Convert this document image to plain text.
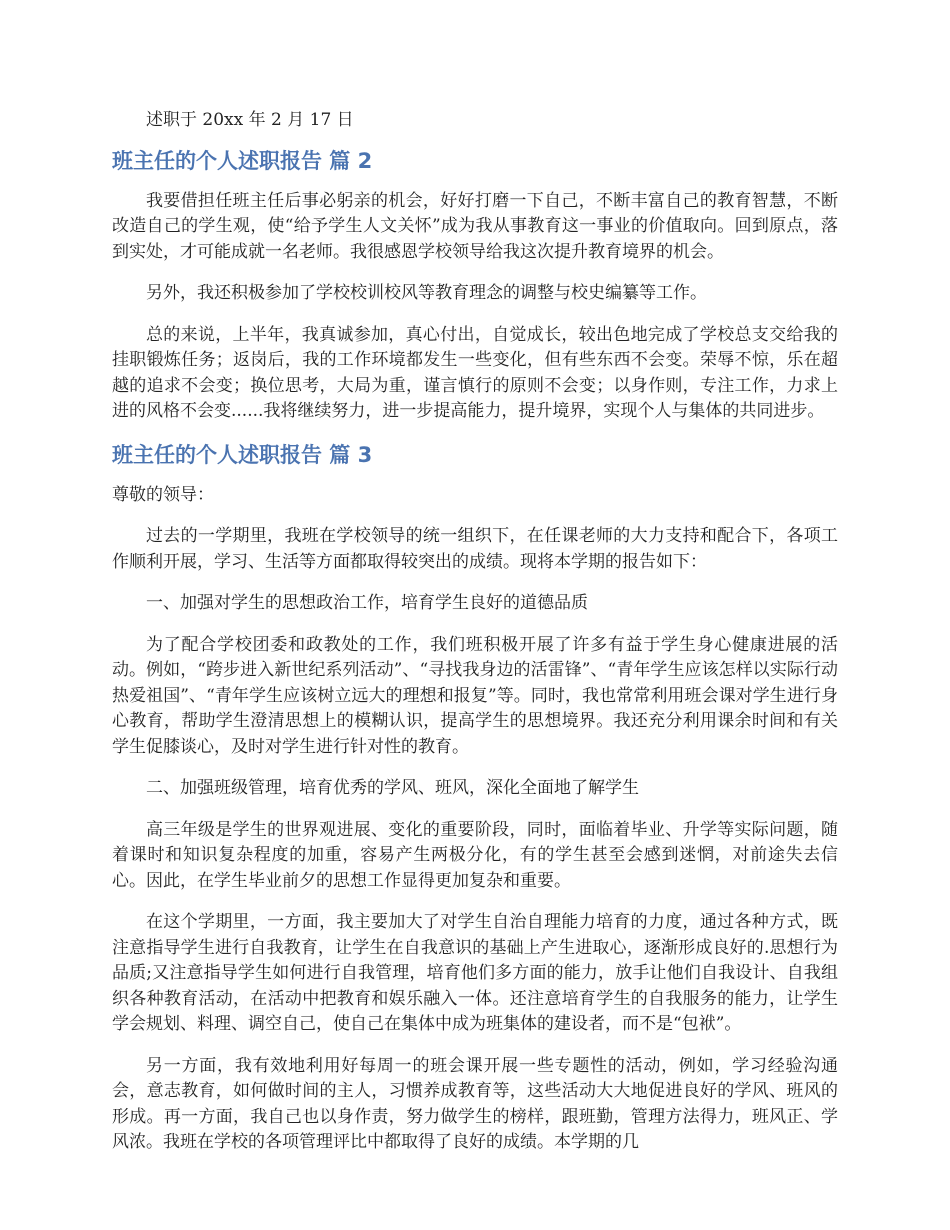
述职于 20xx 年 2 月 17 日

班主任的个人述职报告 篇 2

我要借担任班主任后事必躬亲的机会，好好打磨一下自己，不断丰富自己的教育智慧，不断改造自己的学生观，使“给予学生人文关怀”成为我从事教育这一事业的价值取向。回到原点，落到实处，才可能成就一名老师。我很感恩学校领导给我这次提升教育境界的机会。

另外，我还积极参加了学校校训校风等教育理念的调整与校史编纂等工作。

总的来说，上半年，我真诚参加，真心付出，自觉成长，较出色地完成了学校总支交给我的挂职锻炼任务；返岗后，我的工作环境都发生一些变化，但有些东西不会变。荣辱不惊，乐在超越的追求不会变；换位思考，大局为重，谨言慎行的原则不会变；以身作则，专注工作，力求上进的风格不会变......我将继续努力，进一步提高能力，提升境界，实现个人与集体的共同进步。

班主任的个人述职报告 篇 3

尊敬的领导：

过去的一学期里，我班在学校领导的统一组织下，在任课老师的大力支持和配合下，各项工作顺利开展，学习、生活等方面都取得较突出的成绩。现将本学期的报告如下：

一、加强对学生的思想政治工作，培育学生良好的道德品质

为了配合学校团委和政教处的工作，我们班积极开展了许多有益于学生身心健康进展的活动。例如，“跨步进入新世纪系列活动”、“寻找我身边的活雷锋”、“青年学生应该怎样以实际行动热爱祖国”、“青年学生应该树立远大的理想和报复”等。同时，我也常常利用班会课对学生进行身心教育，帮助学生澄清思想上的模糊认识，提高学生的思想境界。我还充分利用课余时间和有关学生促膝谈心，及时对学生进行针对性的教育。

二、加强班级管理，培育优秀的学风、班风，深化全面地了解学生

高三年级是学生的世界观进展、变化的重要阶段，同时，面临着毕业、升学等实际问题，随着课时和知识复杂程度的加重，容易产生两极分化，有的学生甚至会感到迷惘，对前途失去信心。因此，在学生毕业前夕的思想工作显得更加复杂和重要。

在这个学期里，一方面，我主要加大了对学生自治自理能力培育的力度，通过各种方式，既注意指导学生进行自我教育，让学生在自我意识的基础上产生进取心，逐渐形成良好的.思想行为品质;又注意指导学生如何进行自我管理，培育他们多方面的能力，放手让他们自我设计、自我组织各种教育活动，在活动中把教育和娱乐融入一体。还注意培育学生的自我服务的能力，让学生学会规划、料理、调空自己，使自己在集体中成为班集体的建设者，而不是“包袱”。

另一方面，我有效地利用好每周一的班会课开展一些专题性的活动，例如，学习经验沟通会，意志教育，如何做时间的主人，习惯养成教育等，这些活动大大地促进良好的学风、班风的形成。再一方面，我自己也以身作责，努力做学生的榜样，跟班勤，管理方法得力，班风正、学风浓。我班在学校的各项管理评比中都取得了良好的成绩。本学期的几
